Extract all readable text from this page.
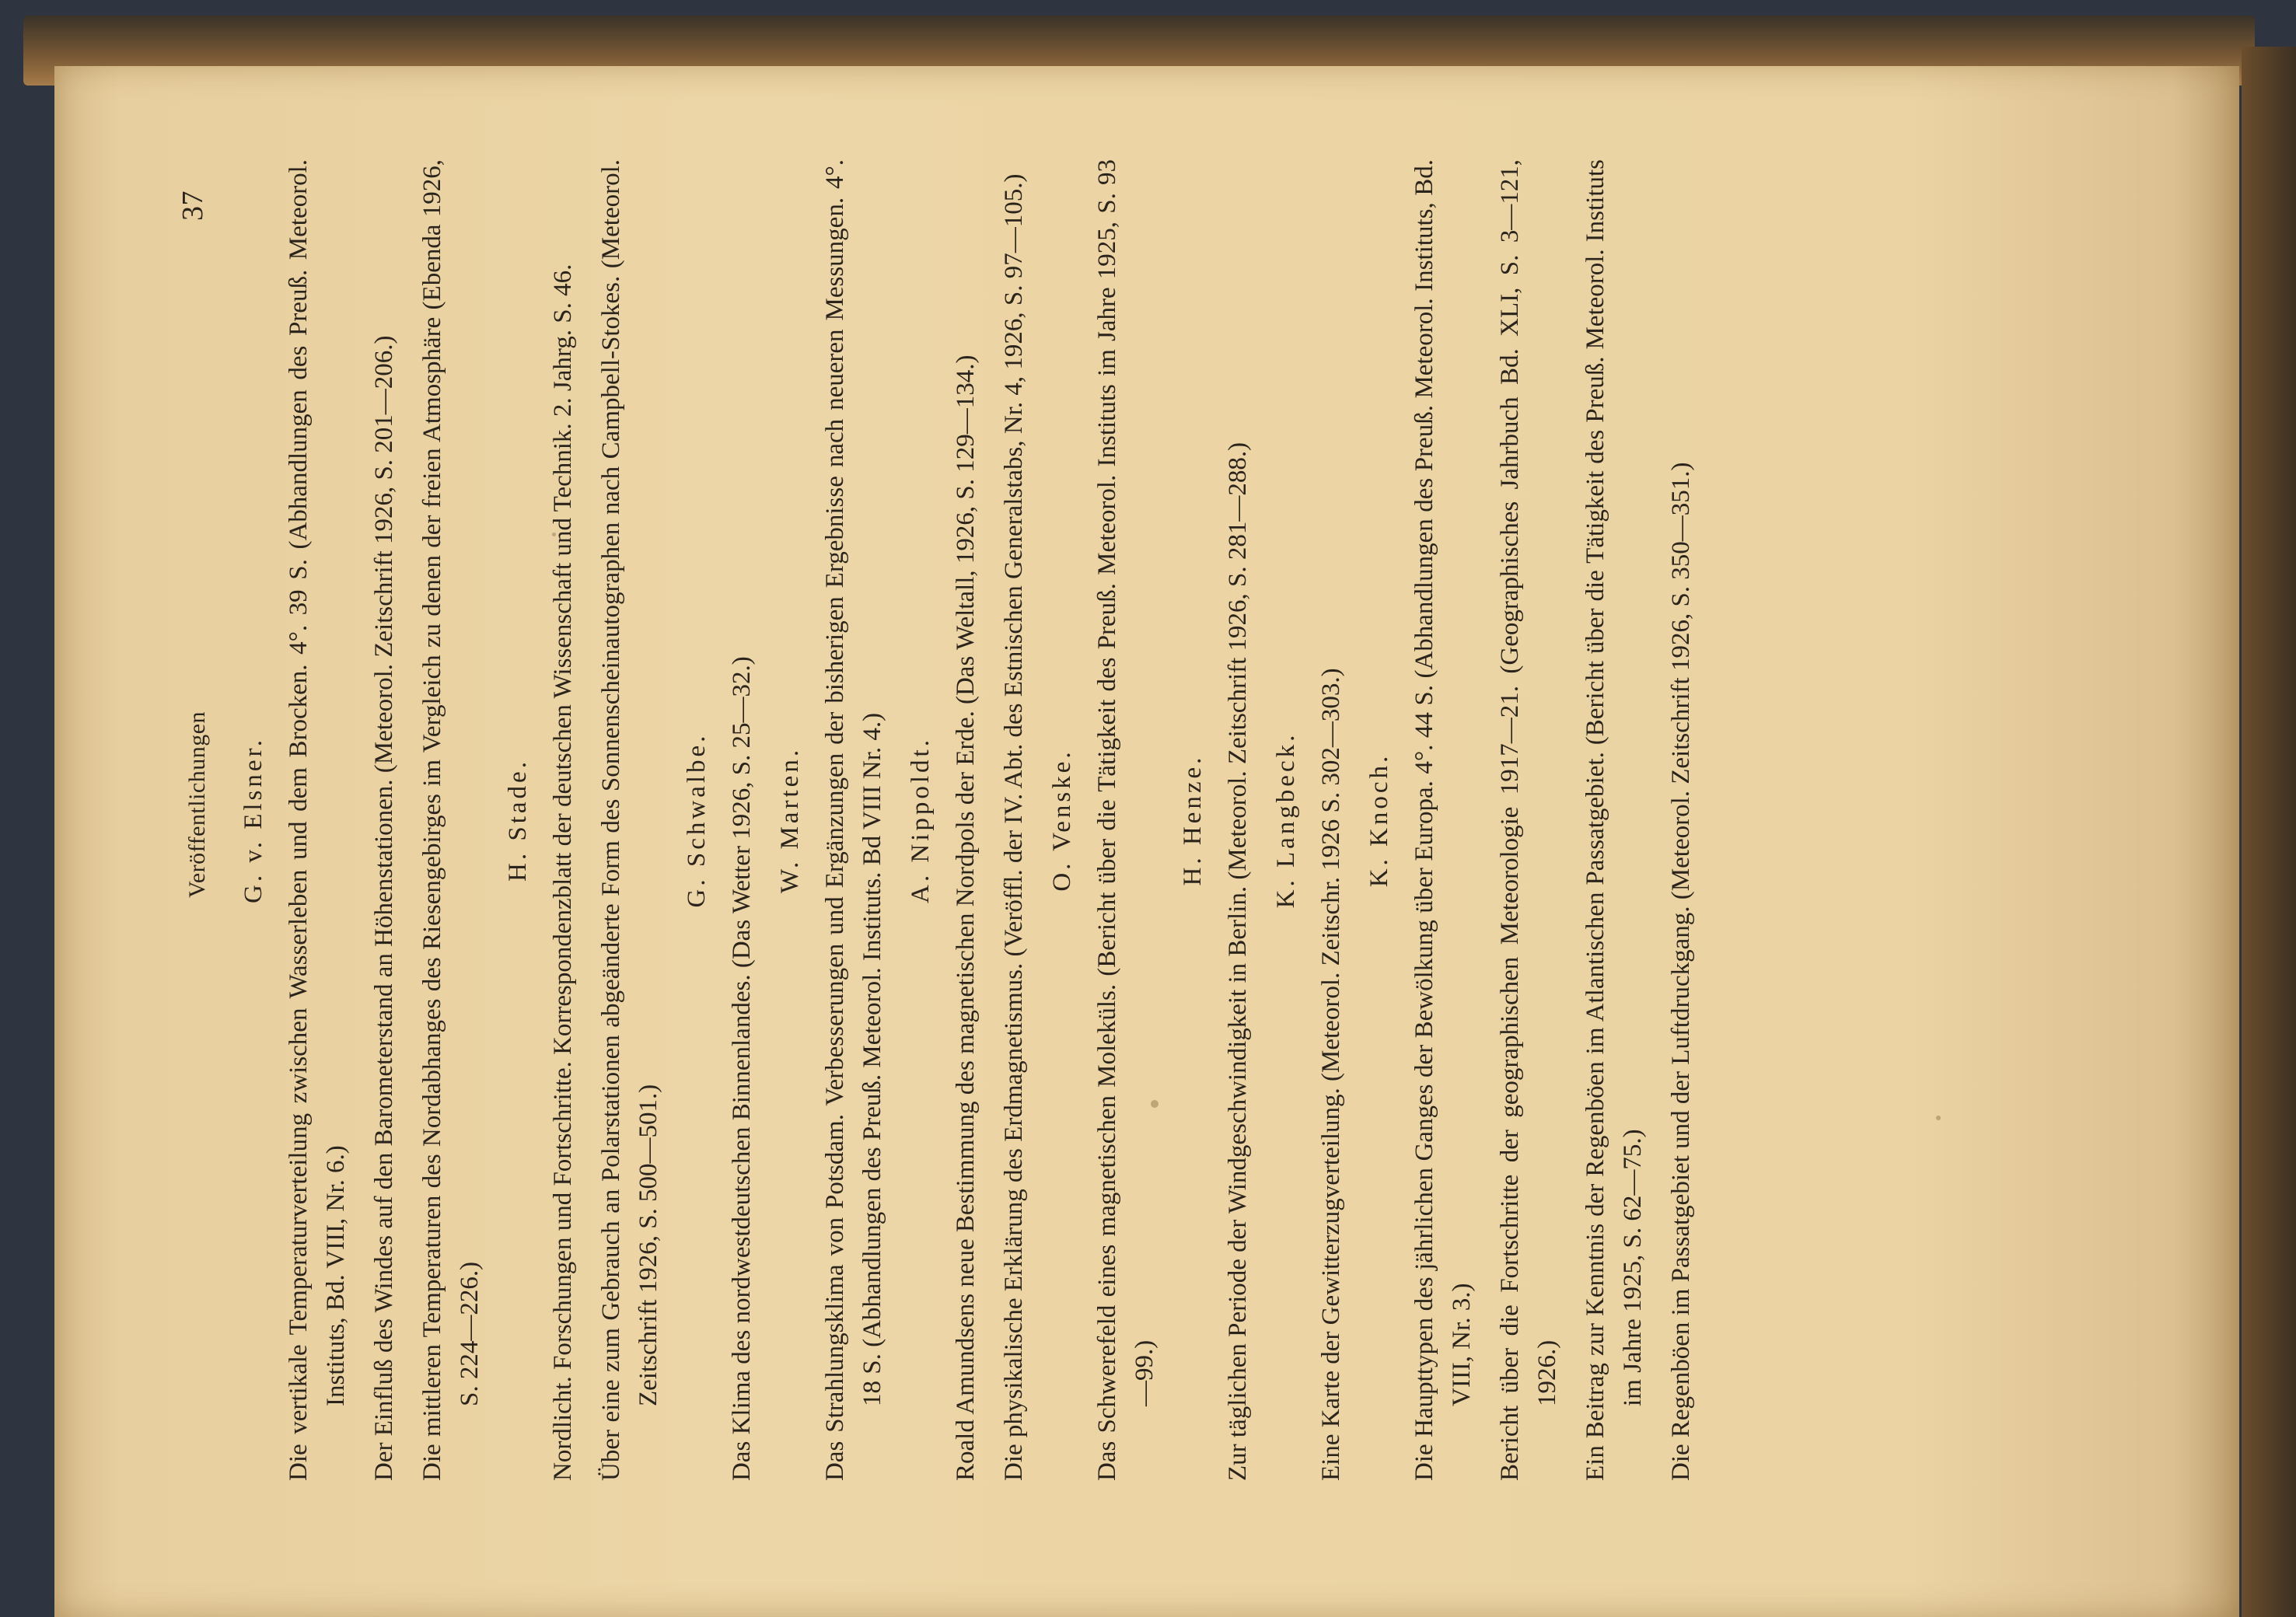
Veröffentlichungen
37
G. v. Elsner. Die vertikale Temperaturverteilung zwischen Wasserleben und dem Brocken. 4°. 39 S. (Abhandlungen des Preuß. Meteorol. Instituts, Bd. VIII, Nr. 6.) Der Einfluß des Windes auf den Barometerstand an Höhenstationen. (Meteorol. Zeitschrift 1926, S. 201—206.) Die mittleren Temperaturen des Nordabhanges des Riesengebirges im Vergleich zu denen der freien Atmosphäre (Ebenda 1926, S. 224—226.)

H. Stade. Nordlicht. Forschungen und Fortschritte. Korrespondenzblatt der deutschen Wissenschaft und Technik. 2. Jahrg. S. 46. Über eine zum Gebrauch an Polarstationen abgeänderte Form des Sonnenscheinautographen nach Campbell-Stokes. (Meteorol. Zeitschrift 1926, S. 500—501.)

G. Schwalbe. Das Klima des nordwestdeutschen Binnenlandes. (Das Wetter 1926, S. 25—32.) W. Marten. Das Strahlungsklima von Potsdam. Verbesserungen und Ergänzungen der bisherigen Ergebnisse nach neueren Messungen. 4°. 18 S. (Abhandlungen des Preuß. Meteorol. Instituts. Bd VIII Nr. 4.) A. Nippoldt. Roald Amundsens neue Bestimmung des magnetischen Nordpols der Erde. (Das Weltall, 1926, S. 129—134.) Die physikalische Erklärung des Erdmagnetismus. (Veröffl. der IV. Abt. des Estnischen Generalstabs, Nr. 4, 1926, S. 97—105.) O. Venske. Das Schwerefeld eines magnetischen Moleküls. (Bericht über die Tätigkeit des Preuß. Meteorol. Instituts im Jahre 1925, S. 93—99.)

H. Henze. Zur täglichen Periode der Windgeschwindigkeit in Berlin. (Meteorol. Zeitschrift 1926, S. 281—288.) K. Langbeck. Eine Karte der Gewitterzugverteilung. (Meteorol. Zeitschr. 1926 S. 302—303.) K. Knoch. Die Haupttypen des jährlichen Ganges der Bewölkung über Europa. 4°. 44 S. (Abhandlungen des Preuß. Meteorol. Instituts, Bd. VIII, Nr. 3.) Bericht über die Fortschritte der geographischen Meteorologie 1917—21. (Geographisches Jahrbuch Bd. XLI, S. 3—121, 1926.) Ein Beitrag zur Kenntnis der Regenböen im Atlantischen Passatgebiet. (Bericht über die Tätigkeit des Preuß. Meteorol. Instituts im Jahre 1925, S. 62—75.) Die Regenböen im Passatgebiet und der Luftdruckgang. (Meteorol. Zeitschrift 1926, S. 350—351.)
